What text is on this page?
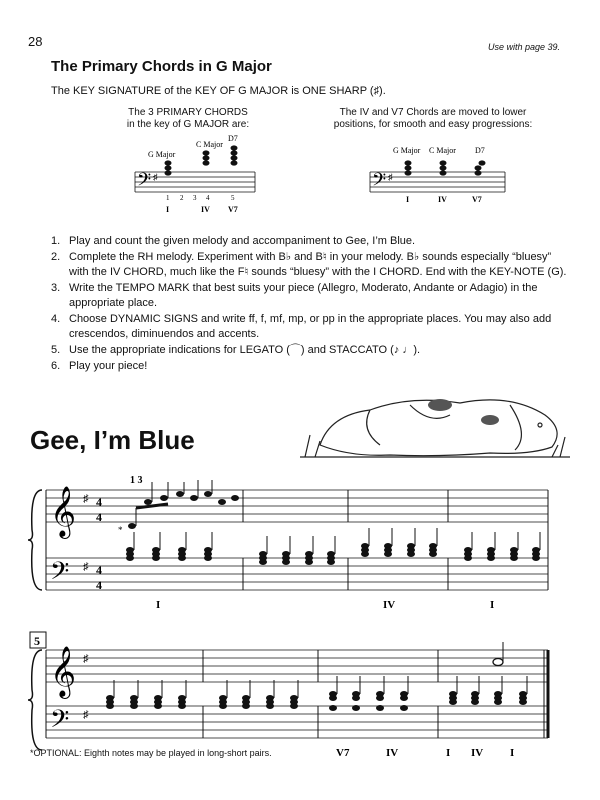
28	Use with page 39.
The Primary Chords in G Major
The KEY SIGNATURE of the KEY OF G MAJOR is ONE SHARP (♯).
The 3 PRIMARY CHORDS
in the key of G MAJOR are:
The IV and V7 Chords are moved to lower
positions, for smooth and easy progressions:
𝄢 ♯
G Major
C Major
D7
1 2 3 4	5
I	IV V7
𝄢 ♯
G Major C Major D7
I	IV	V7
1. Play and count the given melody and accompaniment to Gee, I’m Blue.
2. Complete the RH melody. Experiment with B♭ and B♮ in your melody. B♭ sounds especially “bluesy” with the IV CHORD, much like the F♮ sounds “bluesy” with the I CHORD. End with the KEY-NOTE (G).
3. Write the TEMPO MARK that best suits your piece (Allegro, Moderato, Andante or Adagio) in the appropriate place.
4. Choose DYNAMIC SIGNS and write ff, f, mf, mp, or pp in the appropriate places. You may also add crescendos, diminuendos and accents.
5. Use the appropriate indications for LEGATO (⌒) and STACCATO (♪ ♩).
6. Play your piece!
Gee, I’m Blue
𝄞
𝄢
♯
♯
4
4
4
4
1 3
*
I	IV	I
5
𝄞
𝄢
♯
♯
V7	IV	I IV I
*OPTIONAL: Eighth notes may be played in long-short pairs.
